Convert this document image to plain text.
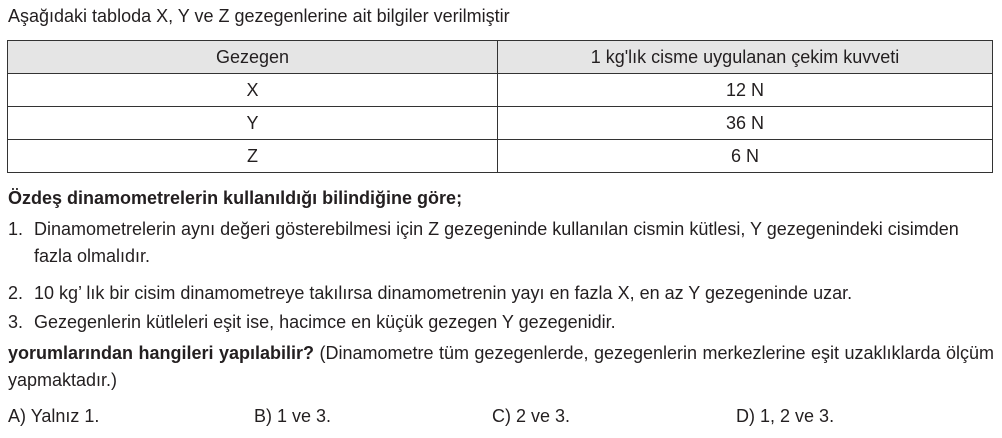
Aşağıdaki tabloda X, Y ve Z gezegenlerine ait bilgiler verilmiştir
Gezegen	1 kg'lık cisme uygulanan çekim kuvveti
X	12 N
Y	36 N
Z	6 N
Özdeş dinamometrelerin kullanıldığı bilindiğine göre;
1. Dinamometrelerin aynı değeri gösterebilmesi için Z gezegeninde kullanılan cismin kütlesi, Y gezegenindeki cisimden fazla olmalıdır.
2. 10 kg’ lık bir cisim dinamometreye takılırsa dinamometrenin yayı en fazla X, en az Y gezegeninde uzar.
3. Gezegenlerin kütleleri eşit ise, hacimce en küçük gezegen Y gezegenidir.
yorumlarından hangileri yapılabilir? (Dinamometre tüm gezegenlerde, gezegenlerin merkezlerine eşit uzaklıklarda ölçüm yapmaktadır.)
A) Yalnız 1.	B) 1 ve 3.	C) 2 ve 3.	D) 1, 2 ve 3.
